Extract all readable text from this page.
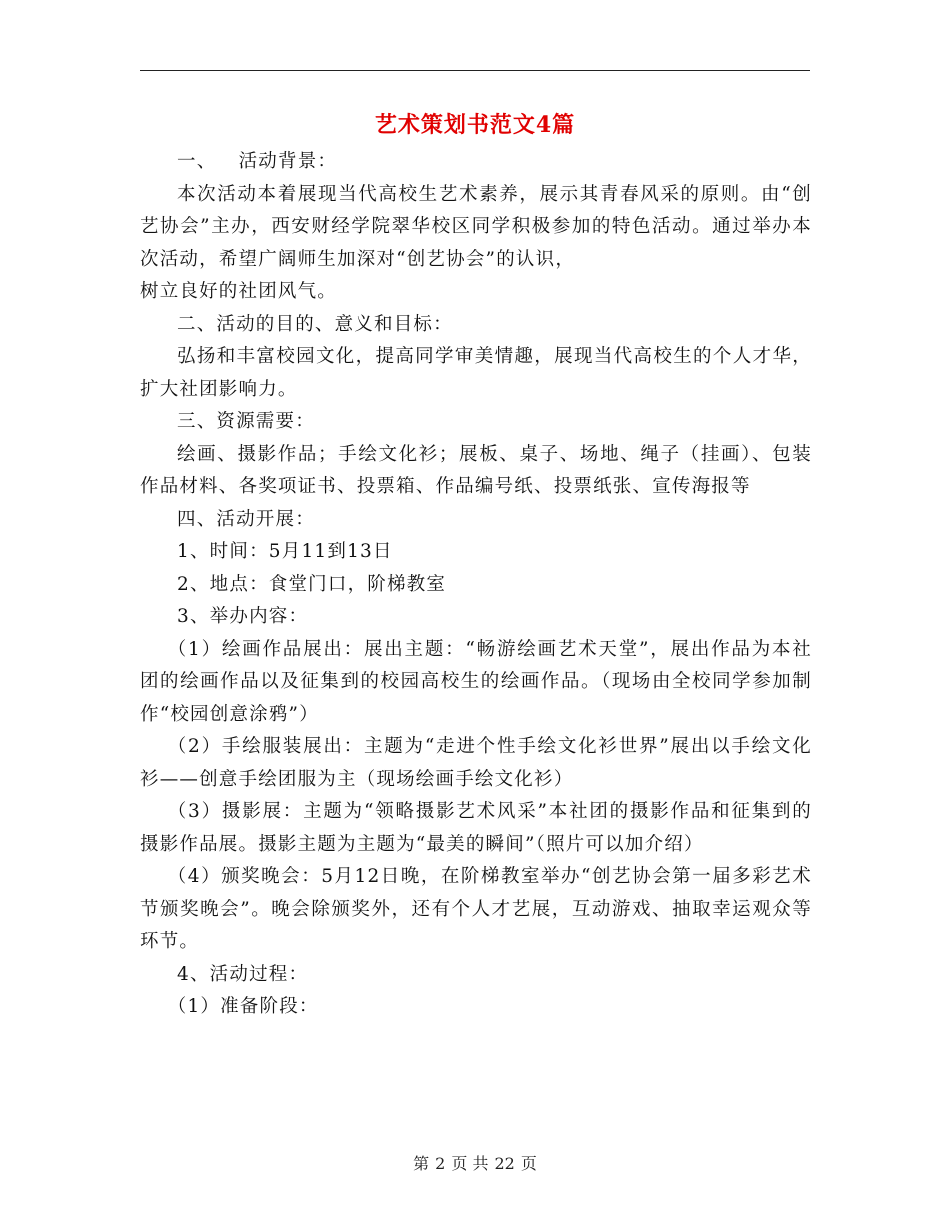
艺术策划书范文4篇

一、 活动背景：

本次活动本着展现当代高校生艺术素养，展示其青春风采的原则。由“创艺协会”主办，西安财经学院翠华校区同学积极参加的特色活动。通过举办本次活动，希望广阔师生加深对“创艺协会”的认识，

树立良好的社团风气。

二、活动的目的、意义和目标：

弘扬和丰富校园文化，提高同学审美情趣，展现当代高校生的个人才华，扩大社团影响力。

三、资源需要：

绘画、摄影作品；手绘文化衫；展板、桌子、场地、绳子（挂画）、包装作品材料、各奖项证书、投票箱、作品编号纸、投票纸张、宣传海报等

四、活动开展：

1、时间：5月11到13日

2、地点：食堂门口，阶梯教室

3、举办内容：

（1）绘画作品展出：展出主题：“畅游绘画艺术天堂”，展出作品为本社团的绘画作品以及征集到的校园高校生的绘画作品。（现场由全校同学参加制作“校园创意涂鸦”）

（2）手绘服装展出：主题为“走进个性手绘文化衫世界”展出以手绘文化衫——创意手绘团服为主（现场绘画手绘文化衫）

（3）摄影展：主题为“领略摄影艺术风采”本社团的摄影作品和征集到的摄影作品展。摄影主题为主题为“最美的瞬间”（照片可以加介绍）

（4）颁奖晚会：5月12日晚，在阶梯教室举办“创艺协会第一届多彩艺术节颁奖晚会”。晚会除颁奖外，还有个人才艺展，互动游戏、抽取幸运观众等环节。

4、活动过程：

（1）准备阶段：

第 2 页 共 22 页
